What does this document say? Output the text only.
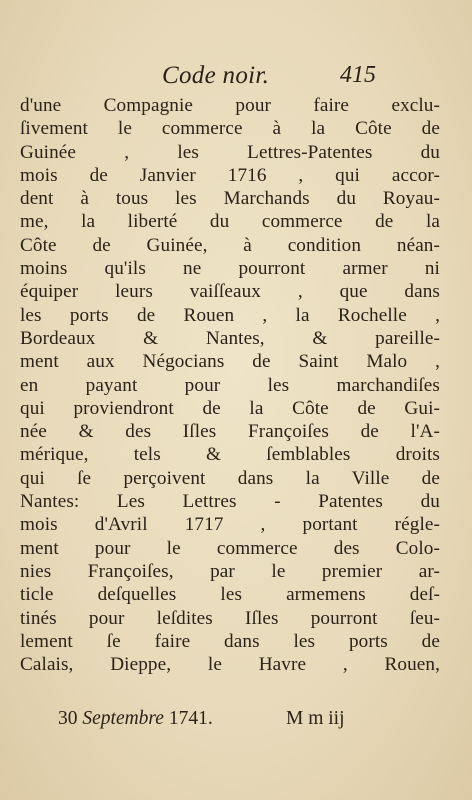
Code noir.	415
d'une Compagnie pour faire exclu-
ſivement le commerce à la Côte de
Guinée , les Lettres-Patentes du
mois de Janvier 1716 , qui accor-
dent à tous les Marchands du Royau-
me, la liberté du commerce de la
Côte de Guinée, à condition néan-
moins qu'ils ne pourront armer ni
équiper leurs vaiſſeaux , que dans
les ports de Rouen , la Rochelle ,
Bordeaux & Nantes, & pareille-
ment aux Négocians de Saint Malo ,
en payant pour les marchandiſes
qui proviendront de la Côte de Gui-
née & des Iſles Françoiſes de l'A-
mérique, tels & ſemblables droits
qui ſe perçoivent dans la Ville de
Nantes: Les Lettres - Patentes du
mois d'Avril 1717 , portant régle-
ment pour le commerce des Colo-
nies Françoiſes, par le premier ar-
ticle deſquelles les armemens deſ-
tinés pour leſdites Iſles pourront ſeu-
lement ſe faire dans les ports de
Calais, Dieppe, le Havre , Rouen,
30 Septembre 1741.	M m iij
